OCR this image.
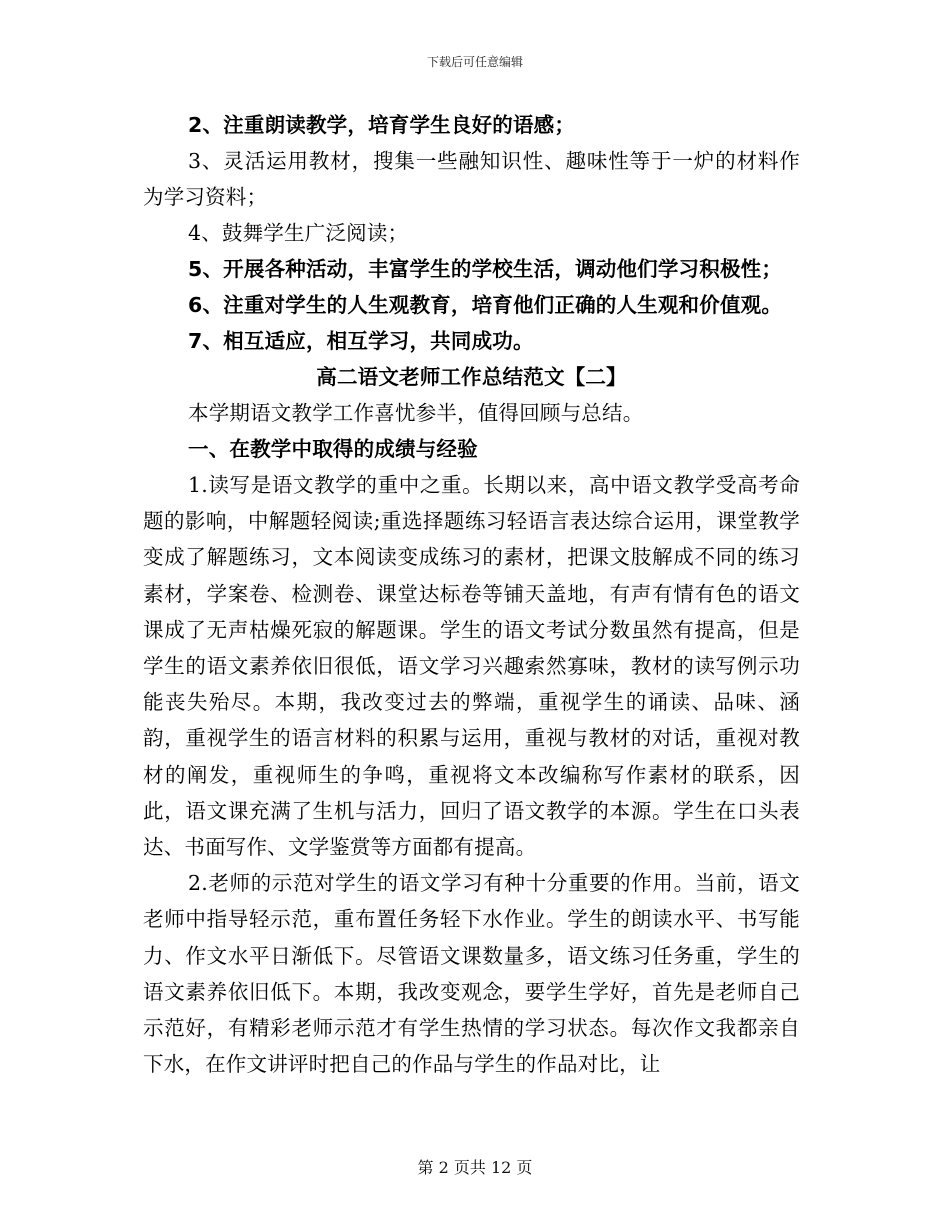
下载后可任意编辑

2、注重朗读教学，培育学生良好的语感；

3、灵活运用教材，搜集一些融知识性、趣味性等于一炉的材料作为学习资料；

4、鼓舞学生广泛阅读；

5、开展各种活动，丰富学生的学校生活，调动他们学习积极性；

6、注重对学生的人生观教育，培育他们正确的人生观和价值观。

7、相互适应，相互学习，共同成功。

高二语文老师工作总结范文【二】

本学期语文教学工作喜忧参半，值得回顾与总结。

一、在教学中取得的成绩与经验

1.读写是语文教学的重中之重。长期以来，高中语文教学受高考命题的影响，中解题轻阅读;重选择题练习轻语言表达综合运用，课堂教学变成了解题练习，文本阅读变成练习的素材，把课文肢解成不同的练习素材，学案卷、检测卷、课堂达标卷等铺天盖地，有声有情有色的语文课成了无声枯燥死寂的解题课。学生的语文考试分数虽然有提高，但是学生的语文素养依旧很低，语文学习兴趣索然寡味，教材的读写例示功能丧失殆尽。本期，我改变过去的弊端，重视学生的诵读、品味、涵韵，重视学生的语言材料的积累与运用，重视与教材的对话，重视对教材的阐发，重视师生的争鸣，重视将文本改编称写作素材的联系，因此，语文课充满了生机与活力，回归了语文教学的本源。学生在口头表达、书面写作、文学鉴赏等方面都有提高。

2.老师的示范对学生的语文学习有种十分重要的作用。当前，语文老师中指导轻示范，重布置任务轻下水作业。学生的朗读水平、书写能力、作文水平日渐低下。尽管语文课数量多，语文练习任务重，学生的语文素养依旧低下。本期，我改变观念，要学生学好，首先是老师自己示范好，有精彩老师示范才有学生热情的学习状态。每次作文我都亲自下水，在作文讲评时把自己的作品与学生的作品对比，让

第 2 页共 12 页
